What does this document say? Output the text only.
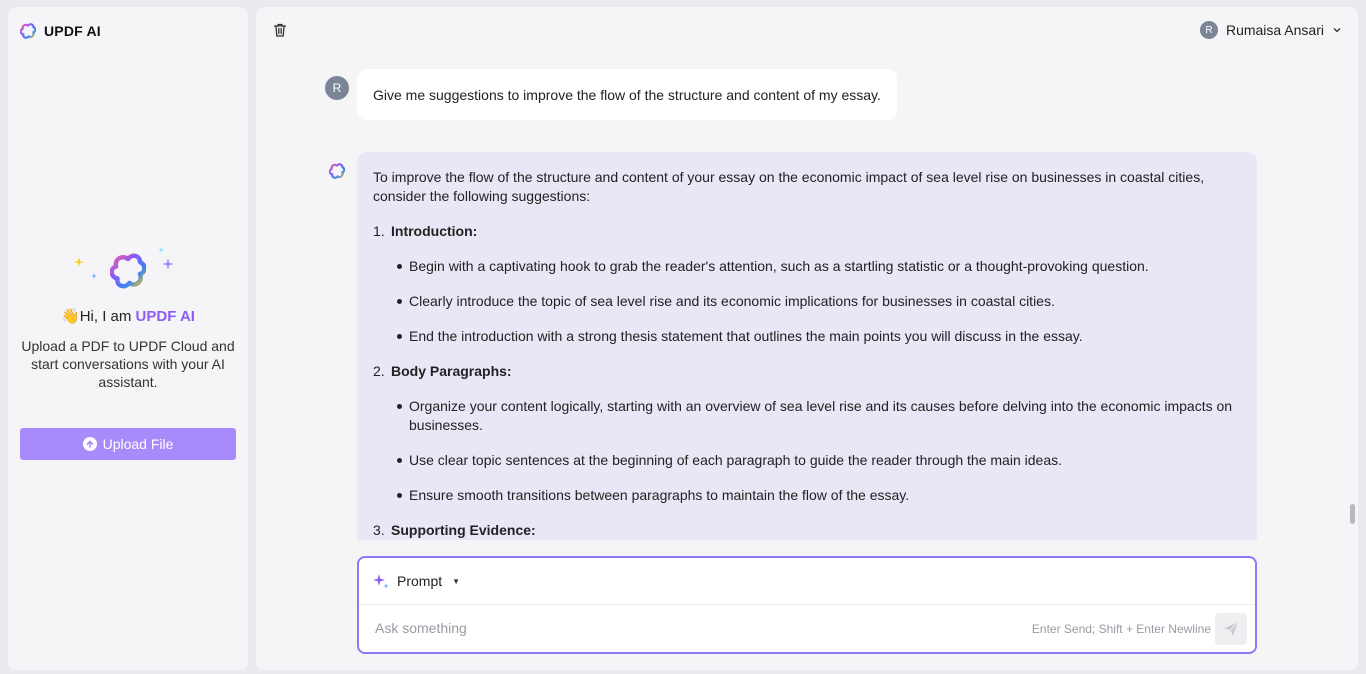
UPDF AI
👋Hi, I am UPDF AI
Upload a PDF to UPDF Cloud and start conversations with your AI assistant.
Upload File
R Rumaisa Ansari
R	Give me suggestions to improve the flow of the structure and content of my essay.
To improve the flow of the structure and content of your essay on the economic impact of sea level rise on businesses in coastal cities, consider the following suggestions:
1. Introduction:
Begin with a captivating hook to grab the reader's attention, such as a startling statistic or a thought-provoking question.
Clearly introduce the topic of sea level rise and its economic implications for businesses in coastal cities.
End the introduction with a strong thesis statement that outlines the main points you will discuss in the essay.
2. Body Paragraphs:
Organize your content logically, starting with an overview of sea level rise and its causes before delving into the economic impacts on businesses.
Use clear topic sentences at the beginning of each paragraph to guide the reader through the main ideas.
Ensure smooth transitions between paragraphs to maintain the flow of the essay.
3. Supporting Evidence:
Prompt ▼
Ask something
Enter Send; Shift + Enter Newline
